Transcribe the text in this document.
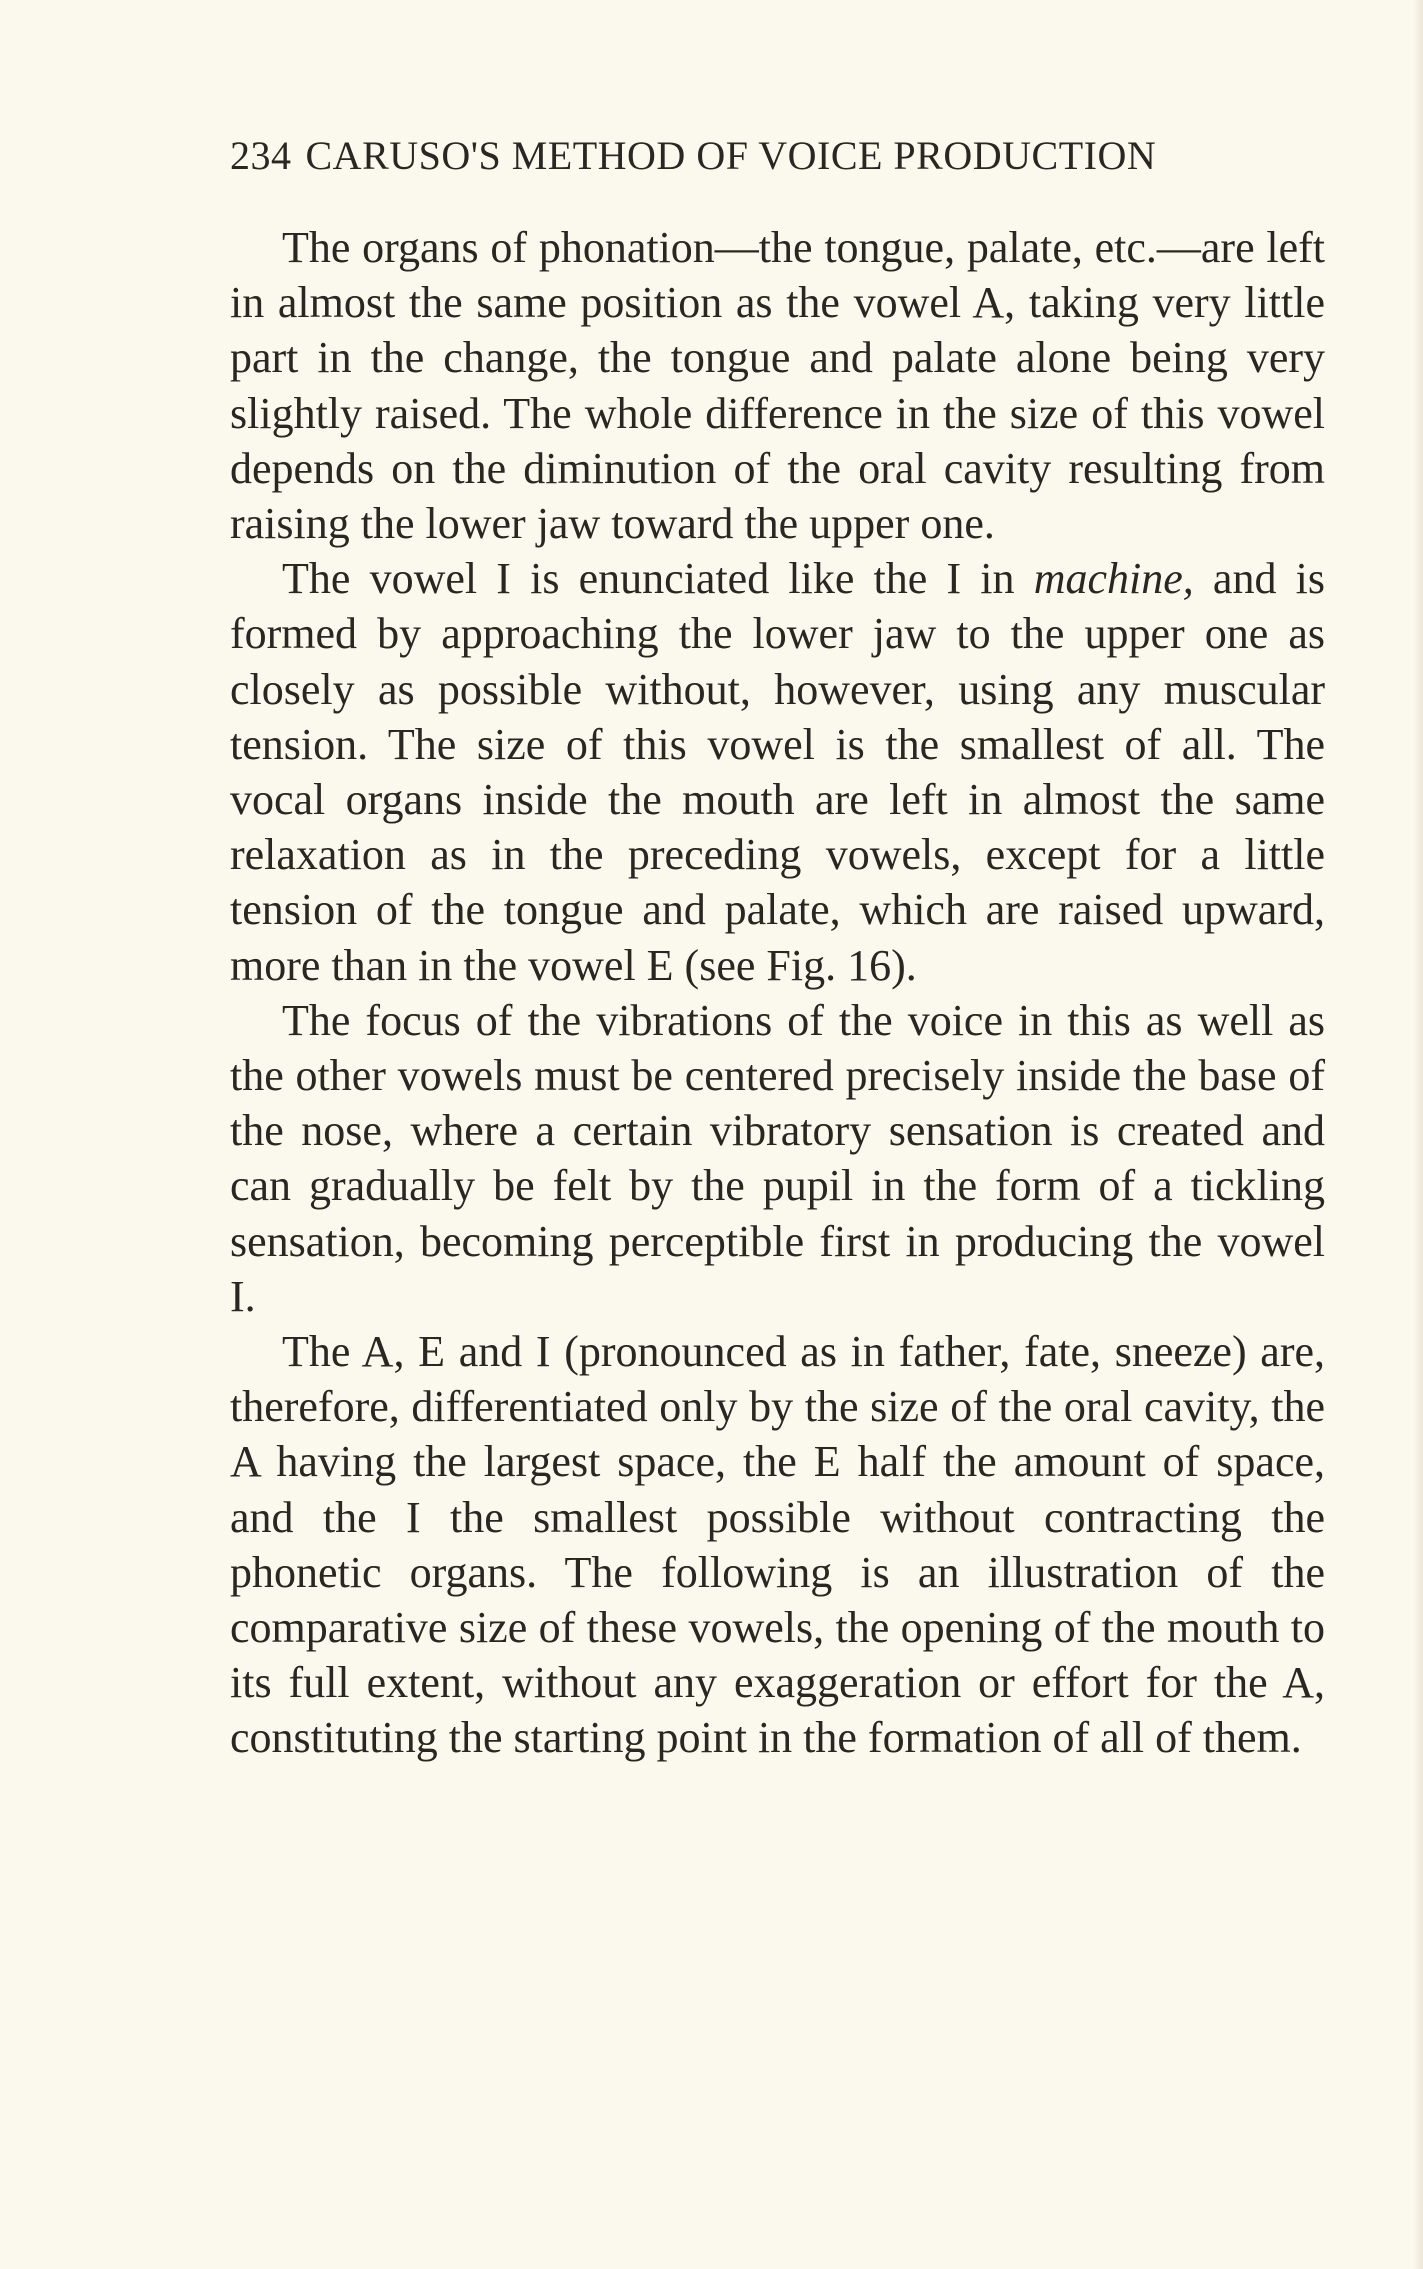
234 CARUSO'S METHOD OF VOICE PRODUCTION

The organs of phonation—the tongue, palate, etc.—are left in almost the same position as the vowel A, taking very little part in the change, the tongue and palate alone being very slightly raised. The whole difference in the size of this vowel depends on the diminution of the oral cavity resulting from raising the lower jaw toward the upper one.

The vowel I is enunciated like the I in machine, and is formed by approaching the lower jaw to the upper one as closely as possible without, however, using any muscular tension. The size of this vowel is the smallest of all. The vocal organs inside the mouth are left in almost the same relaxation as in the preceding vowels, except for a little tension of the tongue and palate, which are raised upward, more than in the vowel E (see Fig. 16).

The focus of the vibrations of the voice in this as well as the other vowels must be centered precisely inside the base of the nose, where a certain vibratory sensation is created and can gradually be felt by the pupil in the form of a tickling sensation, becoming perceptible first in producing the vowel I.

The A, E and I (pronounced as in father, fate, sneeze) are, therefore, differentiated only by the size of the oral cavity, the A having the largest space, the E half the amount of space, and the I the smallest possible without contracting the phonetic organs. The following is an illustration of the comparative size of these vowels, the opening of the mouth to its full extent, without any exaggeration or effort for the A, constituting the starting point in the formation of all of them.
